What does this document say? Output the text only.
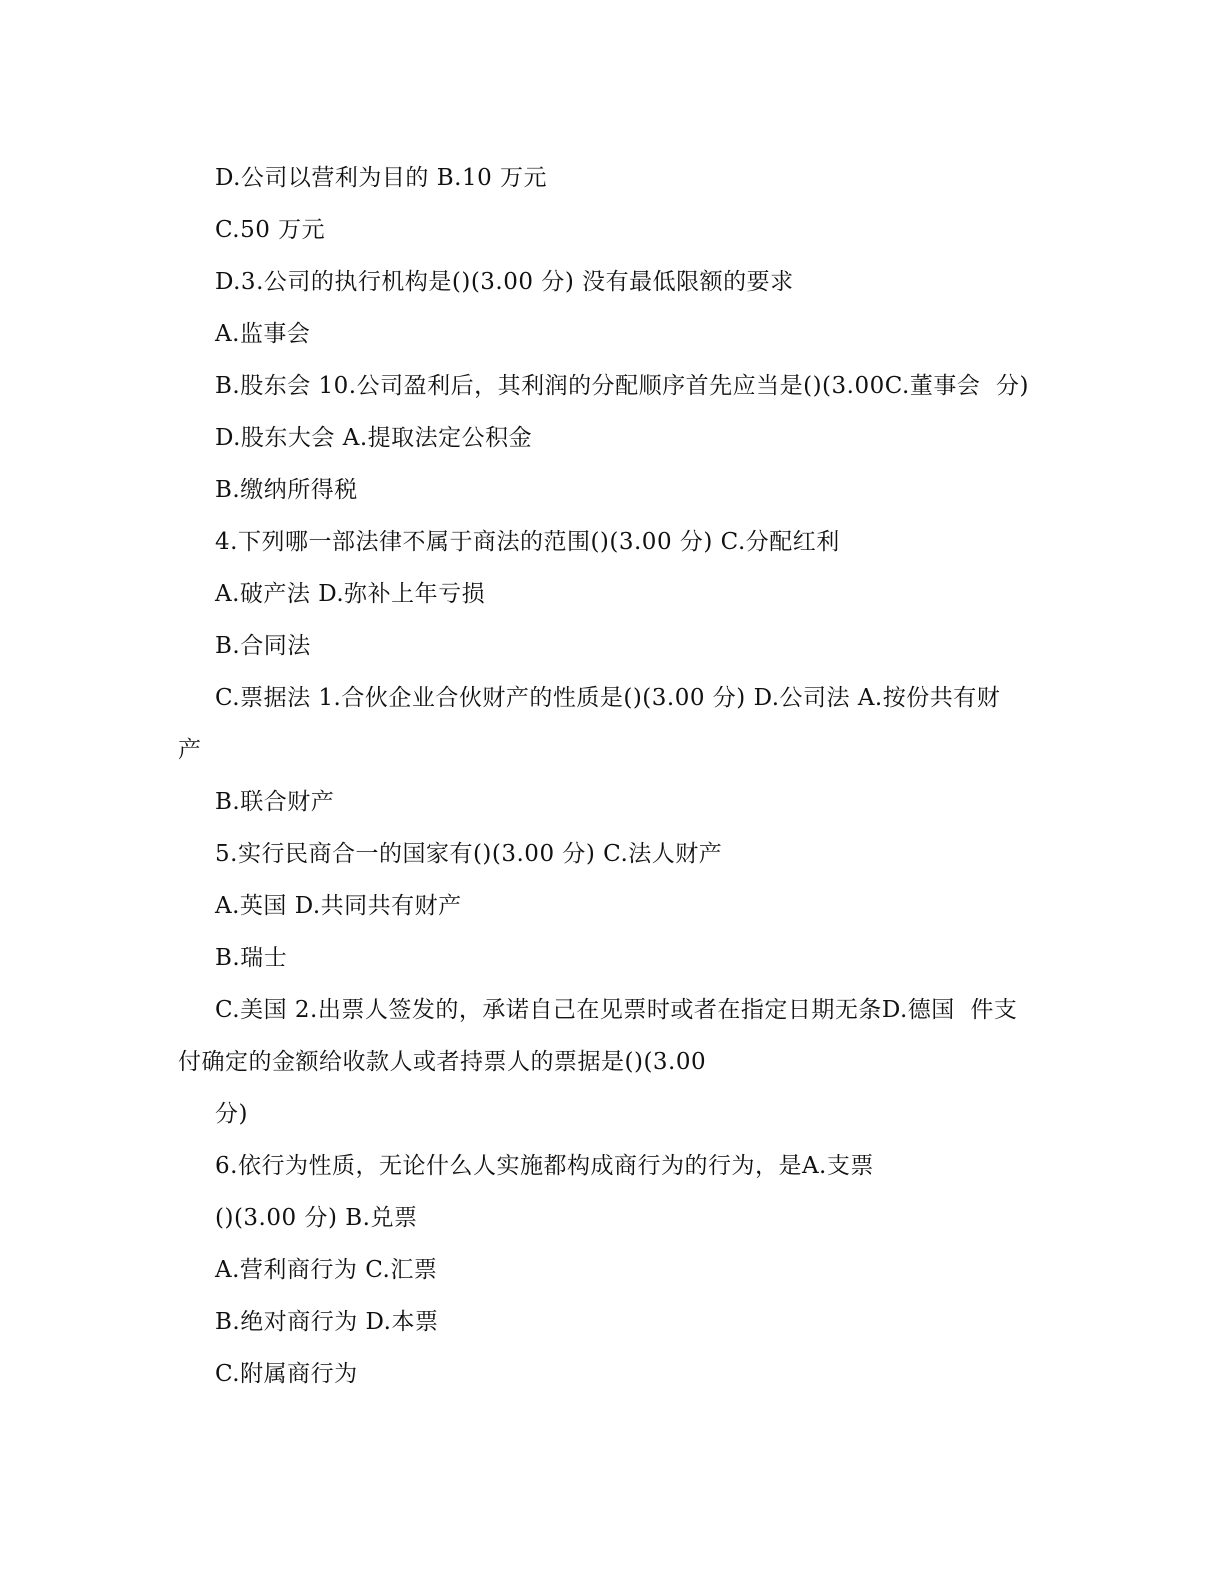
D.公司以营利为目的 B.10 万元
C.50 万元
D.3.公司的执行机构是()(3.00 分) 没有最低限额的要求
A.监事会
B.股东会 10.公司盈利后，其利润的分配顺序首先应当是()(3.00C.董事会  分)
D.股东大会 A.提取法定公积金
B.缴纳所得税
4.下列哪一部法律不属于商法的范围()(3.00 分) C.分配红利
A.破产法 D.弥补上年亏损
B.合同法
C.票据法 1.合伙企业合伙财产的性质是()(3.00 分) D.公司法 A.按份共有财
产
B.联合财产
5.实行民商合一的国家有()(3.00 分) C.法人财产
A.英国 D.共同共有财产
B.瑞士
C.美国 2.出票人签发的，承诺自己在见票时或者在指定日期无条D.德国  件支
付确定的金额给收款人或者持票人的票据是()(3.00
分)
6.依行为性质，无论什么人实施都构成商行为的行为，是A.支票
()(3.00 分) B.兑票
A.营利商行为 C.汇票
B.绝对商行为 D.本票
C.附属商行为
